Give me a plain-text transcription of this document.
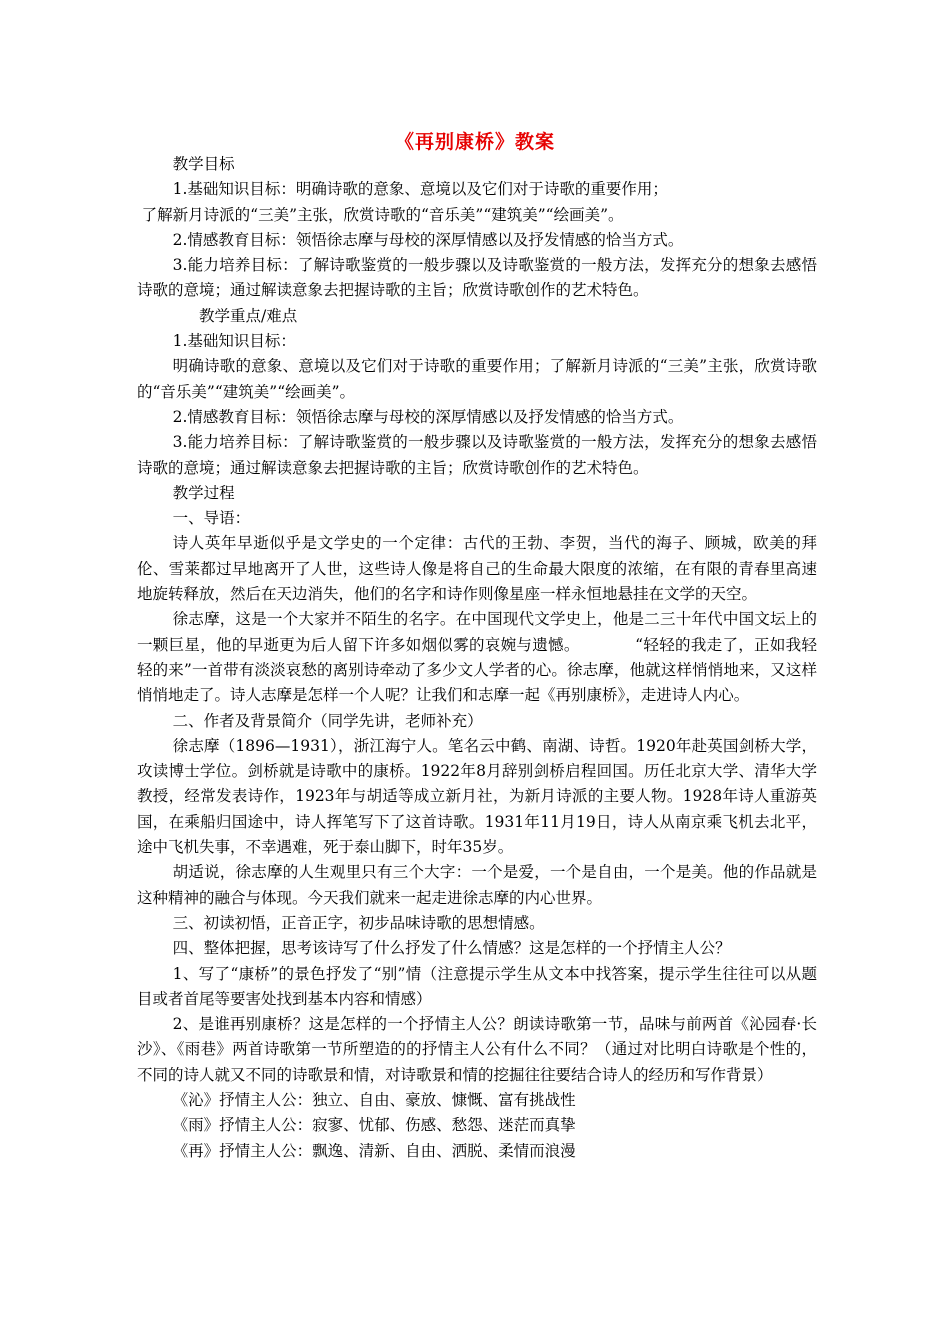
《再别康桥》教案

教学目标

1.基础知识目标：明确诗歌的意象、意境以及它们对于诗歌的重要作用；

了解新月诗派的“三美”主张，欣赏诗歌的“音乐美”“建筑美”“绘画美”。

2.情感教育目标：领悟徐志摩与母校的深厚情感以及抒发情感的恰当方式。

3.能力培养目标：了解诗歌鉴赏的一般步骤以及诗歌鉴赏的一般方法，发挥充分的想象去感悟诗歌的意境；通过解读意象去把握诗歌的主旨；欣赏诗歌创作的艺术特色。

教学重点/难点

1.基础知识目标：

明确诗歌的意象、意境以及它们对于诗歌的重要作用；了解新月诗派的“三美”主张，欣赏诗歌的“音乐美”“建筑美”“绘画美”。

2.情感教育目标：领悟徐志摩与母校的深厚情感以及抒发情感的恰当方式。

3.能力培养目标：了解诗歌鉴赏的一般步骤以及诗歌鉴赏的一般方法，发挥充分的想象去感悟诗歌的意境；通过解读意象去把握诗歌的主旨；欣赏诗歌创作的艺术特色。

教学过程

一、导语：

诗人英年早逝似乎是文学史的一个定律：古代的王勃、李贺，当代的海子、顾城，欧美的拜伦、雪莱都过早地离开了人世，这些诗人像是将自己的生命最大限度的浓缩，在有限的青春里高速地旋转释放，然后在天边消失，他们的名字和诗作则像星座一样永恒地悬挂在文学的天空。

徐志摩，这是一个大家并不陌生的名字。在中国现代文学史上，他是二三十年代中国文坛上的一颗巨星，他的早逝更为后人留下许多如烟似雾的哀婉与遗憾。　　　　“轻轻的我走了，正如我轻轻的来”一首带有淡淡哀愁的离别诗牵动了多少文人学者的心。徐志摩，他就这样悄悄地来，又这样悄悄地走了。诗人志摩是怎样一个人呢？让我们和志摩一起《再别康桥》，走进诗人内心。

二、作者及背景简介（同学先讲，老师补充）

徐志摩（1896—1931），浙江海宁人。笔名云中鹤、南湖、诗哲。1920年赴英国剑桥大学，攻读博士学位。剑桥就是诗歌中的康桥。1922年8月辞别剑桥启程回国。历任北京大学、清华大学教授，经常发表诗作，1923年与胡适等成立新月社，为新月诗派的主要人物。1928年诗人重游英国，在乘船归国途中，诗人挥笔写下了这首诗歌。1931年11月19日，诗人从南京乘飞机去北平，途中飞机失事，不幸遇难，死于泰山脚下，时年35岁。

胡适说，徐志摩的人生观里只有三个大字：一个是爱，一个是自由，一个是美。他的作品就是这种精神的融合与体现。今天我们就来一起走进徐志摩的内心世界。

三、初读初悟，正音正字，初步品味诗歌的思想情感。

四、整体把握，思考该诗写了什么抒发了什么情感？这是怎样的一个抒情主人公？

1、写了“康桥”的景色抒发了“别”情（注意提示学生从文本中找答案，提示学生往往可以从题目或者首尾等要害处找到基本内容和情感）

2、是谁再别康桥？这是怎样的一个抒情主人公？朗读诗歌第一节，品味与前两首《沁园春·长沙》、《雨巷》两首诗歌第一节所塑造的的抒情主人公有什么不同？（通过对比明白诗歌是个性的，不同的诗人就又不同的诗歌景和情，对诗歌景和情的挖掘往往要结合诗人的经历和写作背景）

《沁》抒情主人公：独立、自由、豪放、慷慨、富有挑战性

《雨》抒情主人公：寂寥、忧郁、伤感、愁怨、迷茫而真挚

《再》抒情主人公：飘逸、清新、自由、洒脱、柔情而浪漫
